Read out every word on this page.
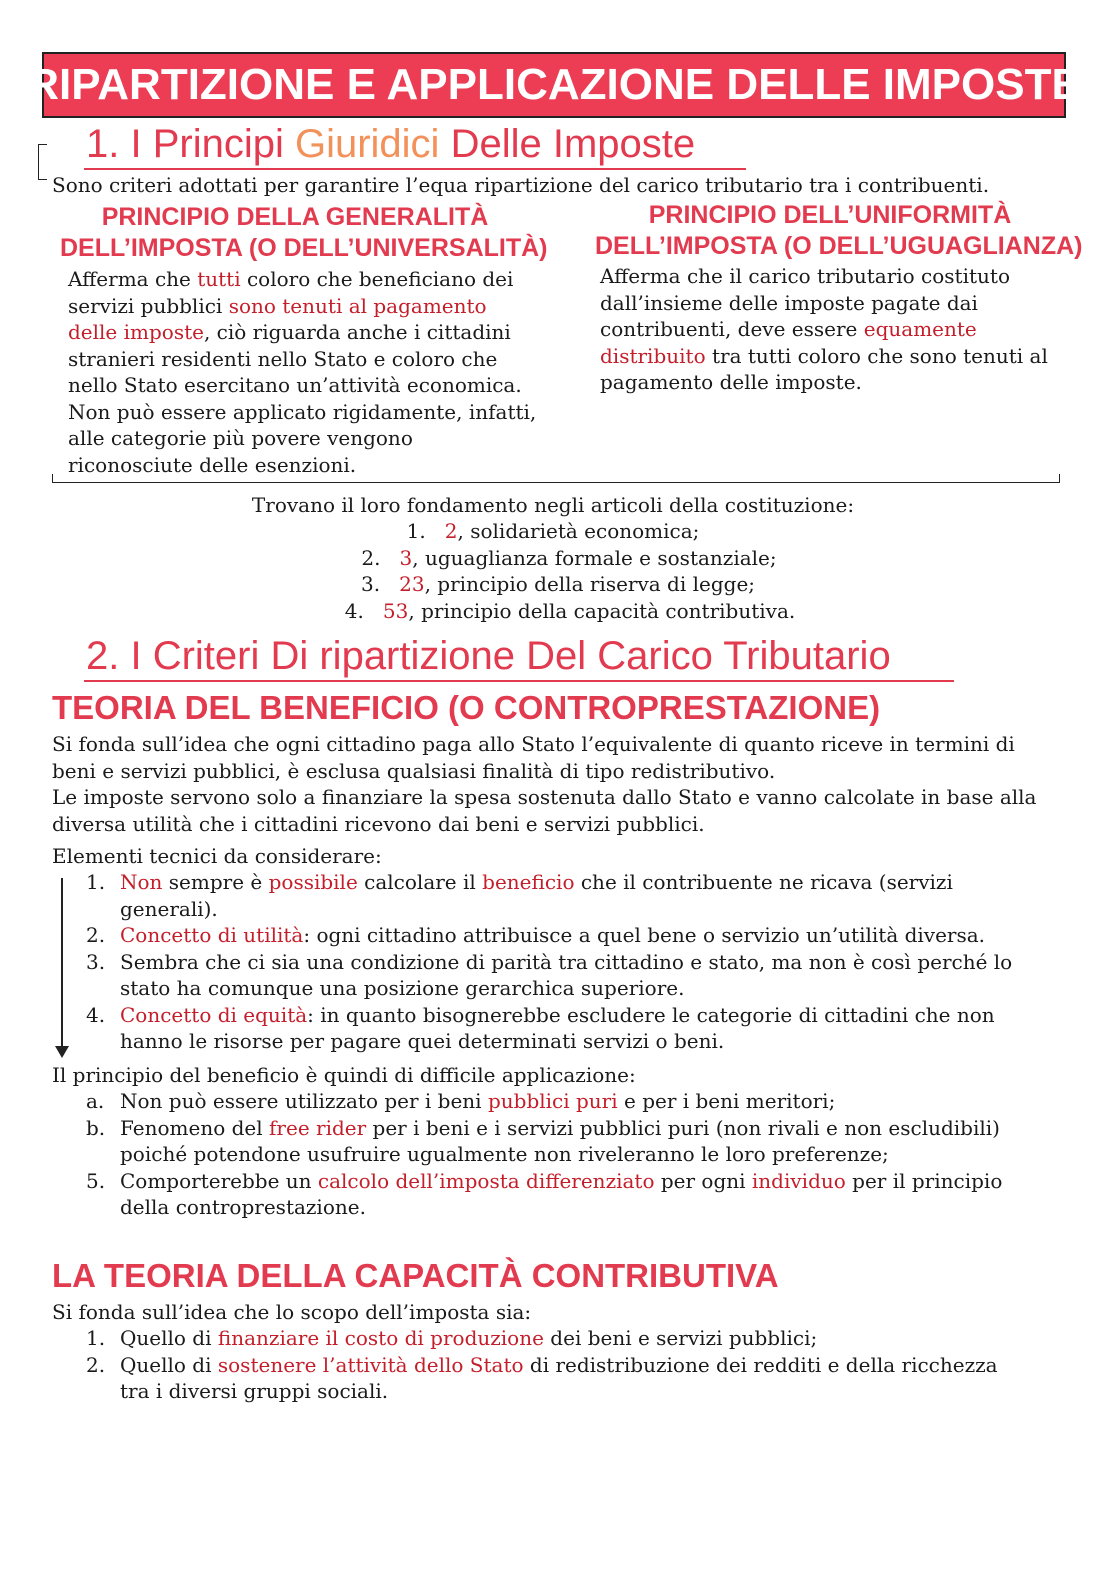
RIPARTIZIONE E APPLICAZIONE DELLE IMPOSTE
1. I Principi Giuridici Delle Imposte
Sono criteri adottati per garantire l’equa ripartizione del carico tributario tra i contribuenti.
PRINCIPIO DELLA GENERALITÀ
DELL’IMPOSTA (O DELL’UNIVERSALITÀ)
Afferma che tutti coloro che beneficiano dei servizi pubblici sono tenuti al pagamento delle imposte, ciò riguarda anche i cittadini stranieri residenti nello Stato e coloro che nello Stato esercitano un’attività economica. Non può essere applicato rigidamente, infatti, alle categorie più povere vengono riconosciute delle esenzioni.
PRINCIPIO DELL’UNIFORMITÀ
DELL’IMPOSTA (O DELL’UGUAGLIANZA)
Afferma che il carico tributario costituto dall’insieme delle imposte pagate dai contribuenti, deve essere equamente distribuito tra tutti coloro che sono tenuti al pagamento delle imposte.
Trovano il loro fondamento negli articoli della costituzione:
1. 2, solidarietà economica;
2. 3, uguaglianza formale e sostanziale;
3. 23, principio della riserva di legge;
4. 53, principio della capacità contributiva.
2. I Criteri Di ripartizione Del Carico Tributario
TEORIA DEL BENEFICIO (O CONTROPRESTAZIONE)
Si fonda sull’idea che ogni cittadino paga allo Stato l’equivalente di quanto riceve in termini di beni e servizi pubblici, è esclusa qualsiasi finalità di tipo redistributivo.
Le imposte servono solo a finanziare la spesa sostenuta dallo Stato e vanno calcolate in base alla diversa utilità che i cittadini ricevono dai beni e servizi pubblici.
Elementi tecnici da considerare:
1. Non sempre è possibile calcolare il beneficio che il contribuente ne ricava (servizi generali).
2. Concetto di utilità: ogni cittadino attribuisce a quel bene o servizio un’utilità diversa.
3. Sembra che ci sia una condizione di parità tra cittadino e stato, ma non è così perché lo stato ha comunque una posizione gerarchica superiore.
4. Concetto di equità: in quanto bisognerebbe escludere le categorie di cittadini che non hanno le risorse per pagare quei determinati servizi o beni.
Il principio del beneficio è quindi di difficile applicazione:
a. Non può essere utilizzato per i beni pubblici puri e per i beni meritori;
b. Fenomeno del free rider per i beni e i servizi pubblici puri (non rivali e non escludibili) poiché potendone usufruire ugualmente non riveleranno le loro preferenze;
5. Comporterebbe un calcolo dell’imposta differenziato per ogni individuo per il principio della controprestazione.
LA TEORIA DELLA CAPACITÀ CONTRIBUTIVA
Si fonda sull’idea che lo scopo dell’imposta sia:
1. Quello di finanziare il costo di produzione dei beni e servizi pubblici;
2. Quello di sostenere l’attività dello Stato di redistribuzione dei redditi e della ricchezza tra i diversi gruppi sociali.
